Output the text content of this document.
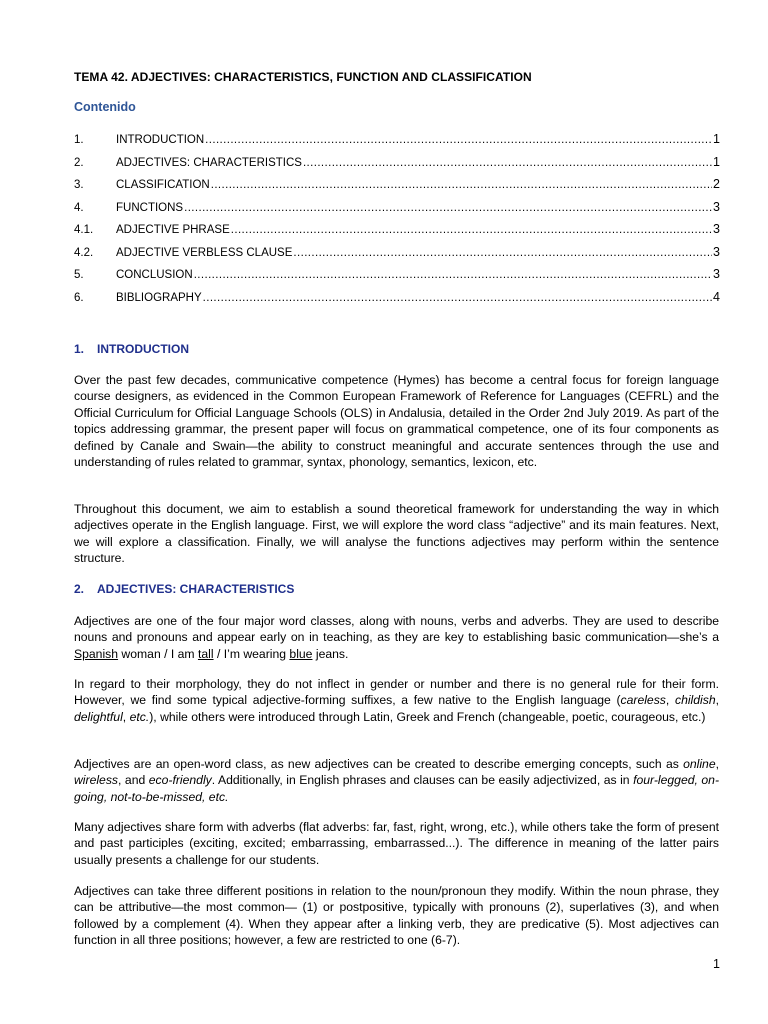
TEMA 42. ADJECTIVES: CHARACTERISTICS, FUNCTION AND CLASSIFICATION
Contenido
1.	INTRODUCTION .....	1
2.	ADJECTIVES: CHARACTERISTICS .....	1
3.	CLASSIFICATION .....	2
4.	FUNCTIONS .....	3
4.1.	ADJECTIVE PHRASE .....	3
4.2.	ADJECTIVE VERBLESS CLAUSE .....	3
5.	CONCLUSION .....	3
6.	BIBLIOGRAPHY .....	4
1. INTRODUCTION

Over the past few decades, communicative competence (Hymes) has become a central focus for foreign language course designers, as evidenced in the Common European Framework of Reference for Languages (CEFRL) and the Official Curriculum for Official Language Schools (OLS) in Andalusia, detailed in the Order 2nd July 2019. As part of the topics addressing grammar, the present paper will focus on grammatical competence, one of its four components as defined by Canale and Swain—the ability to construct meaningful and accurate sentences through the use and understanding of rules related to grammar, syntax, phonology, semantics, lexicon, etc.

Throughout this document, we aim to establish a sound theoretical framework for understanding the way in which adjectives operate in the English language. First, we will explore the word class “adjective” and its main features. Next, we will explore a classification. Finally, we will analyse the functions adjectives may perform within the sentence structure.

2. ADJECTIVES: CHARACTERISTICS

Adjectives are one of the four major word classes, along with nouns, verbs and adverbs. They are used to describe nouns and pronouns and appear early on in teaching, as they are key to establishing basic communication—she’s a Spanish woman / I am tall / I’m wearing blue jeans.

In regard to their morphology, they do not inflect in gender or number and there is no general rule for their form. However, we find some typical adjective-forming suffixes, a few native to the English language (careless, childish, delightful, etc.), while others were introduced through Latin, Greek and French (changeable, poetic, courageous, etc.)

Adjectives are an open-word class, as new adjectives can be created to describe emerging concepts, such as online, wireless, and eco-friendly. Additionally, in English phrases and clauses can be easily adjectivized, as in four-legged, on-going, not-to-be-missed, etc.

Many adjectives share form with adverbs (flat adverbs: far, fast, right, wrong, etc.), while others take the form of present and past participles (exciting, excited; embarrassing, embarrassed...). The difference in meaning of the latter pairs usually presents a challenge for our students.

Adjectives can take three different positions in relation to the noun/pronoun they modify. Within the noun phrase, they can be attributive—the most common— (1) or postpositive, typically with pronouns (2), superlatives (3), and when followed by a complement (4). When they appear after a linking verb, they are predicative (5). Most adjectives can function in all three positions; however, a few are restricted to one (6-7).

1
